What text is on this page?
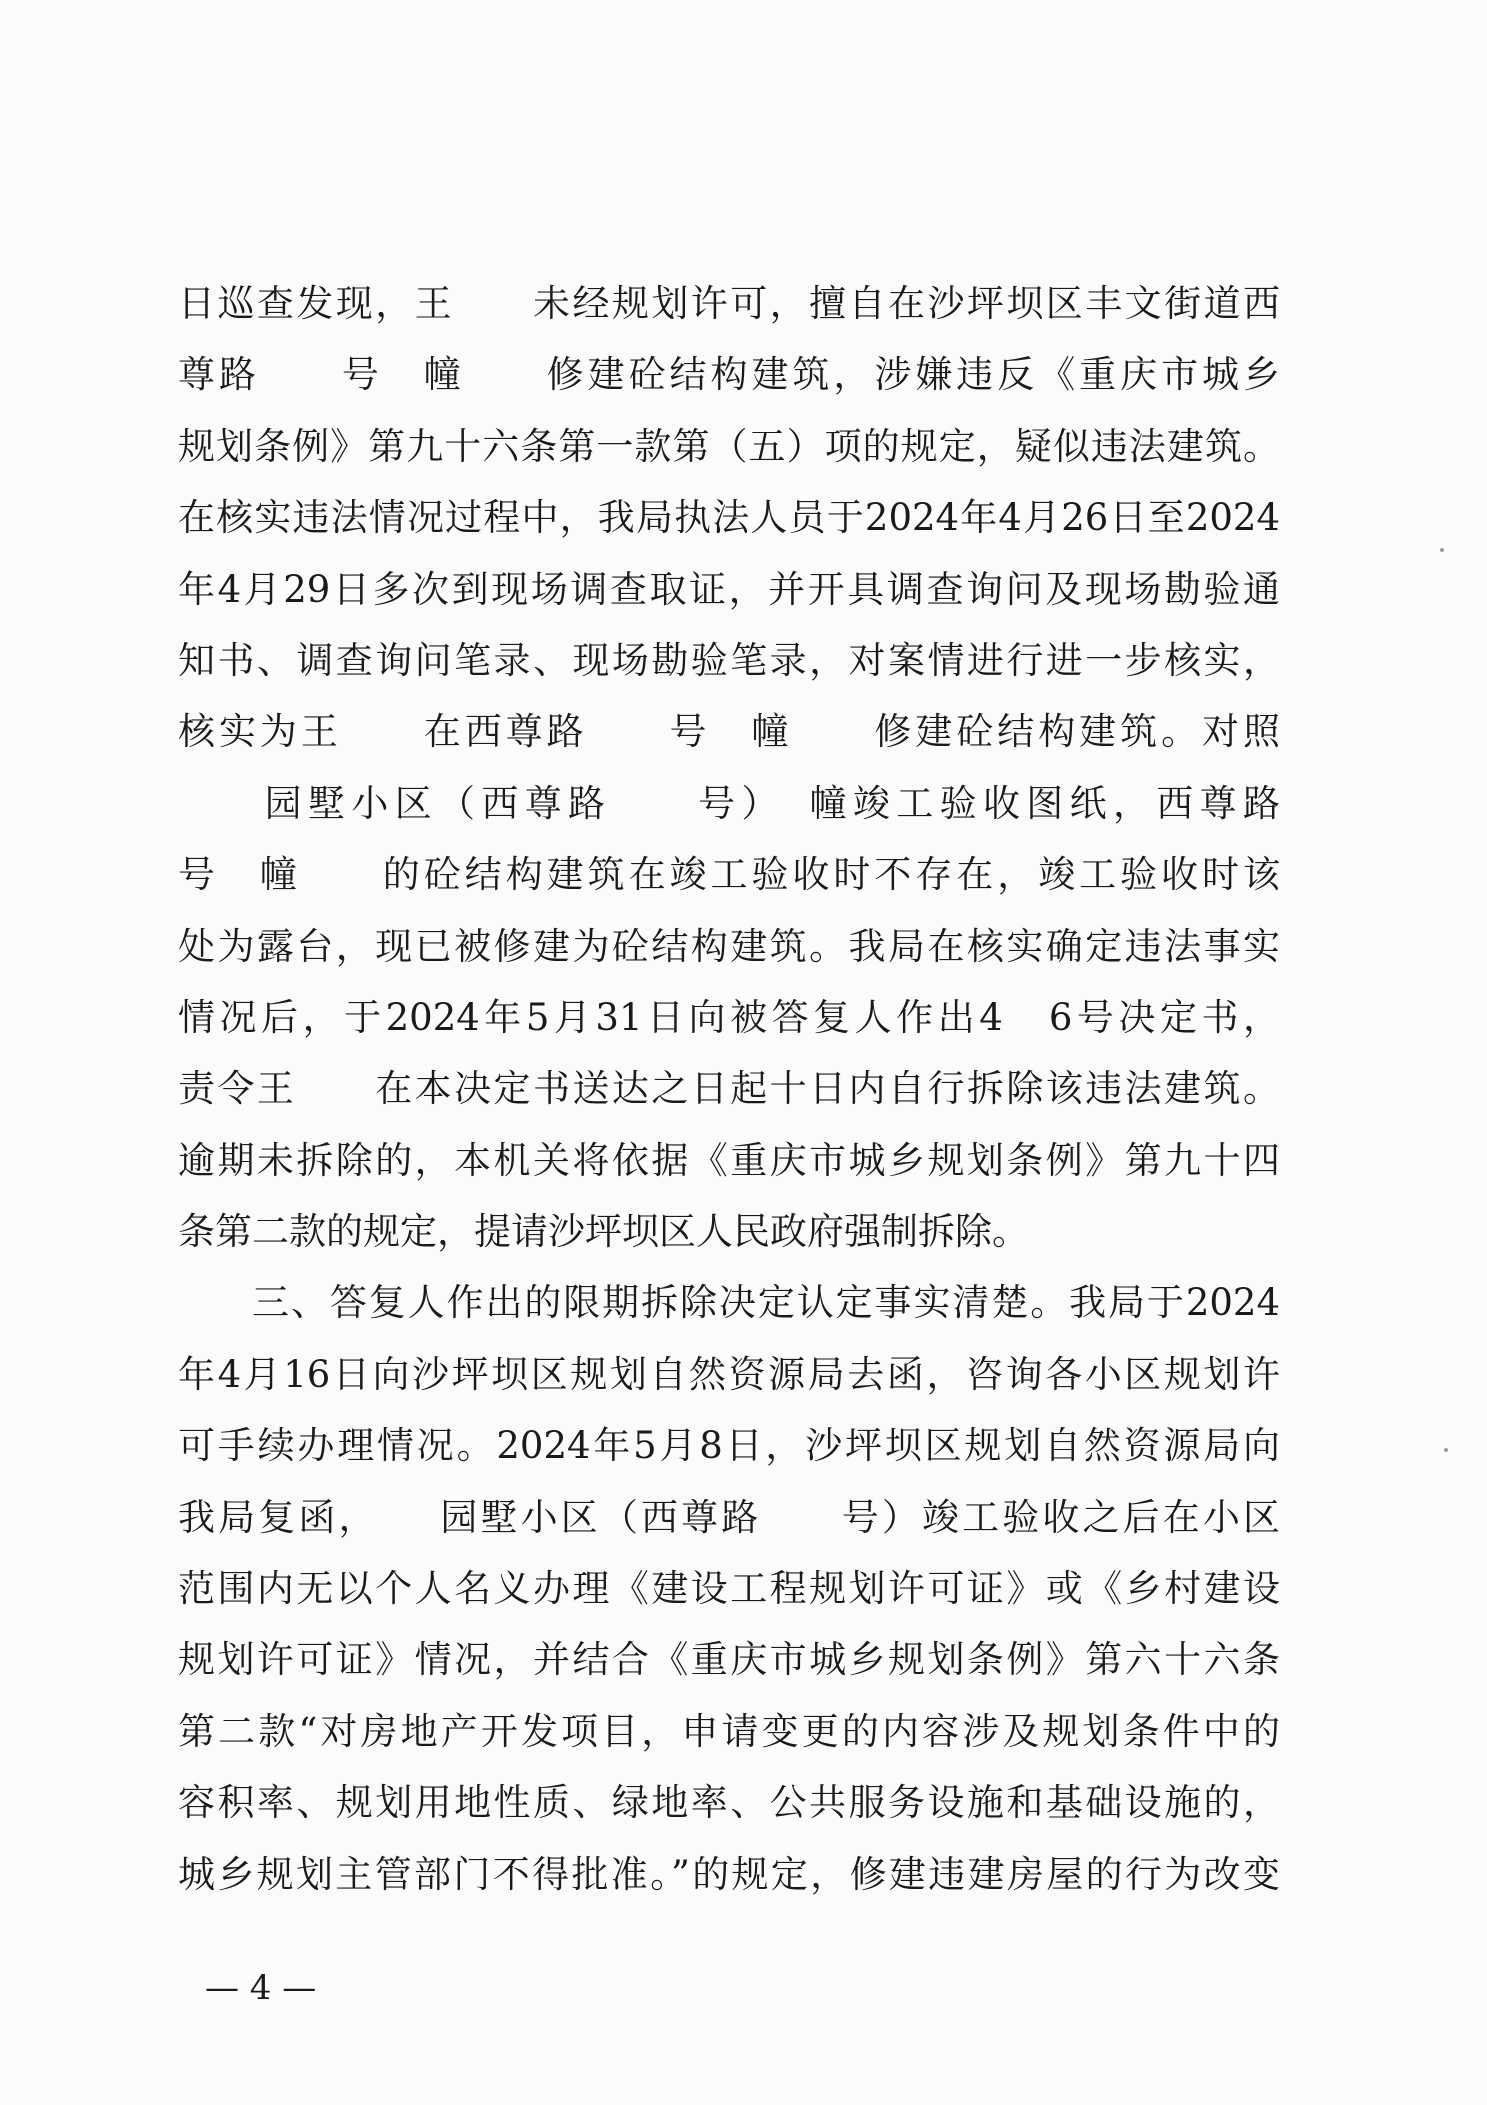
日巡查发现，王　　未经规划许可，擅自在沙坪坝区丰文街道西
尊路　　号　幢　　修建砼结构建筑，涉嫌违反《重庆市城乡
规划条例》第九十六条第一款第（五）项的规定，疑似违法建筑。
在核实违法情况过程中，我局执法人员于2024年4月26日至2024
年4月29日多次到现场调查取证，并开具调查询问及现场勘验通
知书、调查询问笔录、现场勘验笔录，对案情进行进一步核实，
核实为王　　在西尊路　　号　幢　　修建砼结构建筑。对照
　　园墅小区（西尊路　　号）　幢竣工验收图纸，西尊路　　
号　幢　　的砼结构建筑在竣工验收时不存在，竣工验收时该
处为露台，现已被修建为砼结构建筑。我局在核实确定违法事实
情况后，于2024年5月31日向被答复人作出4　6号决定书，
责令王　　在本决定书送达之日起十日内自行拆除该违法建筑。
逾期未拆除的，本机关将依据《重庆市城乡规划条例》第九十四
条第二款的规定，提请沙坪坝区人民政府强制拆除。
三、答复人作出的限期拆除决定认定事实清楚。我局于2024
年4月16日向沙坪坝区规划自然资源局去函，咨询各小区规划许
可手续办理情况。2024年5月8日，沙坪坝区规划自然资源局向
我局复函，　　园墅小区（西尊路　　号）竣工验收之后在小区
范围内无以个人名义办理《建设工程规划许可证》或《乡村建设
规划许可证》情况，并结合《重庆市城乡规划条例》第六十六条
第二款“对房地产开发项目，申请变更的内容涉及规划条件中的
容积率、规划用地性质、绿地率、公共服务设施和基础设施的，
城乡规划主管部门不得批准。”的规定，修建违建房屋的行为改变
— 4 —
